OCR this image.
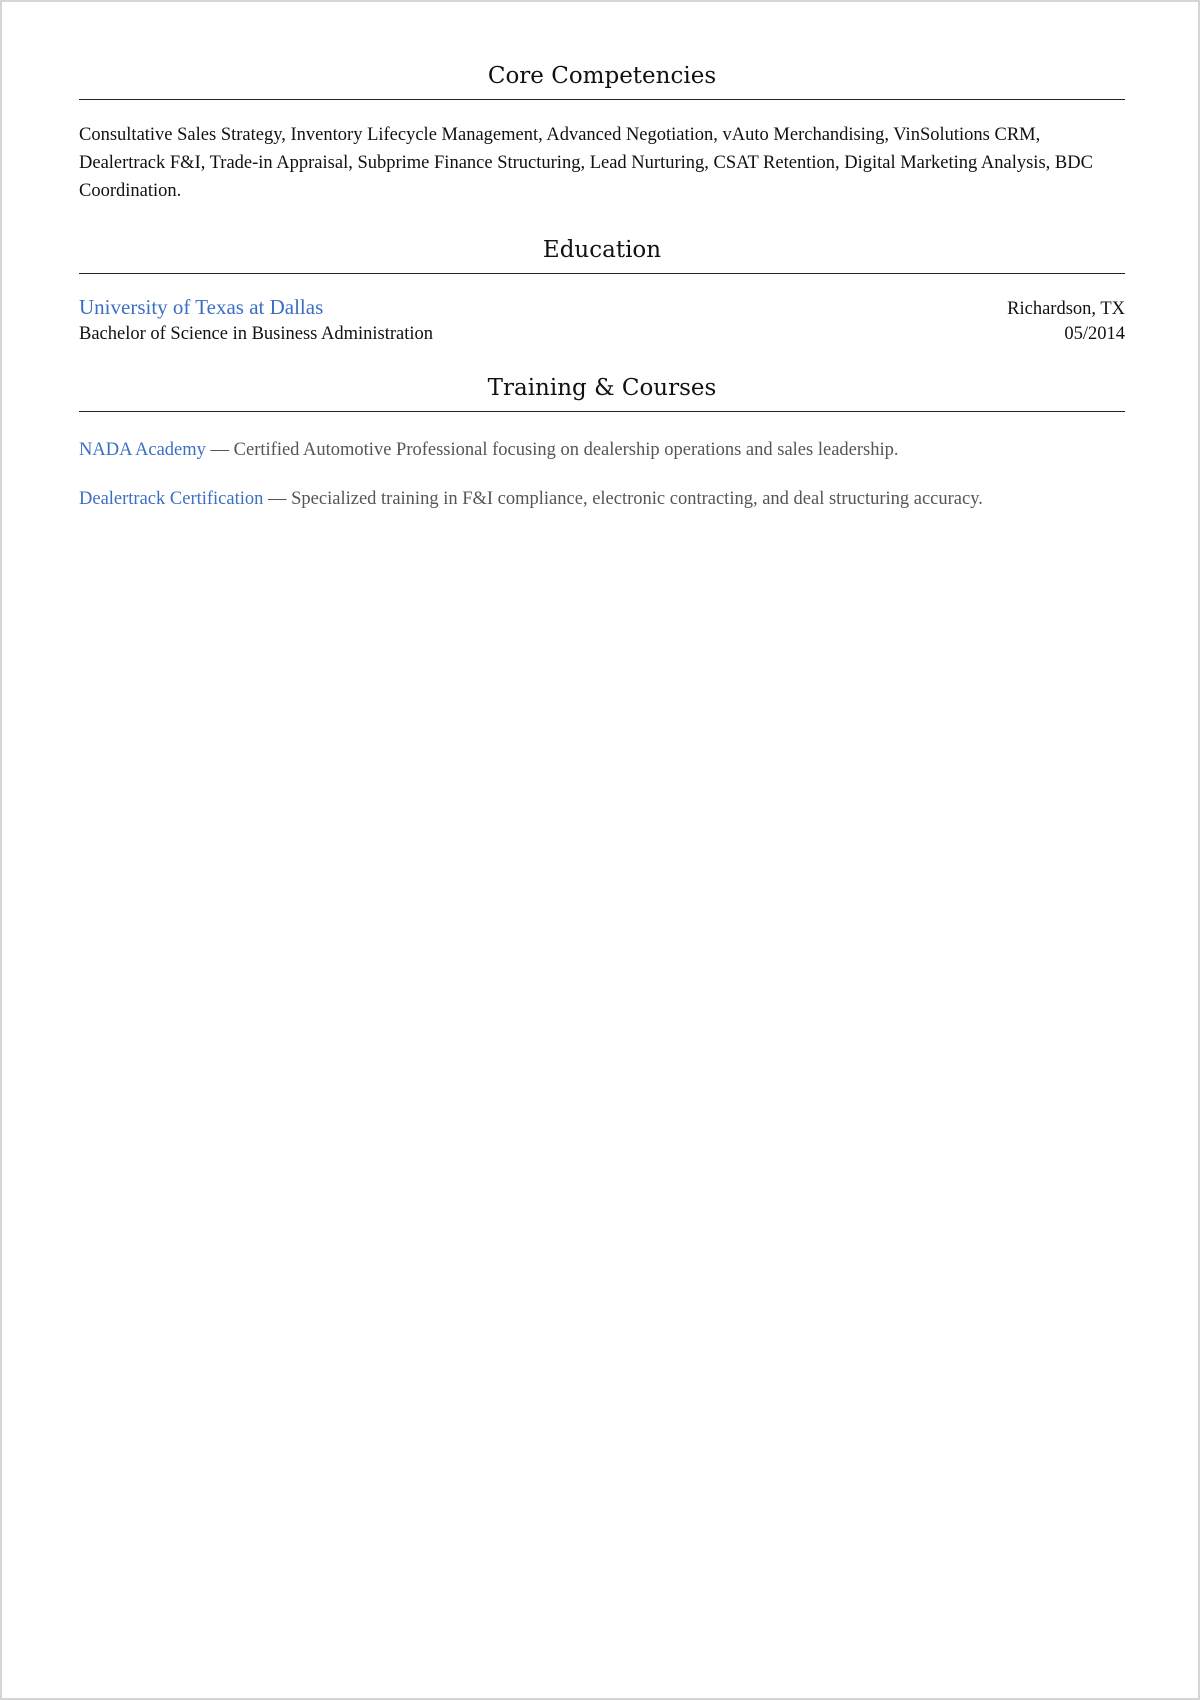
Core Competencies

Consultative Sales Strategy, Inventory Lifecycle Management, Advanced Negotiation, vAuto Merchandising, VinSolutions CRM, Dealertrack F&I, Trade-in Appraisal, Subprime Finance Structuring, Lead Nurturing, CSAT Retention, Digital Marketing Analysis, BDC Coordination.

Education
University of Texas at Dallas	Richardson, TX
Bachelor of Science in Business Administration	05/2014
Training & Courses
NADA Academy — Certified Automotive Professional focusing on dealership operations and sales leadership.
Dealertrack Certification — Specialized training in F&I compliance, electronic contracting, and deal structuring accuracy.
